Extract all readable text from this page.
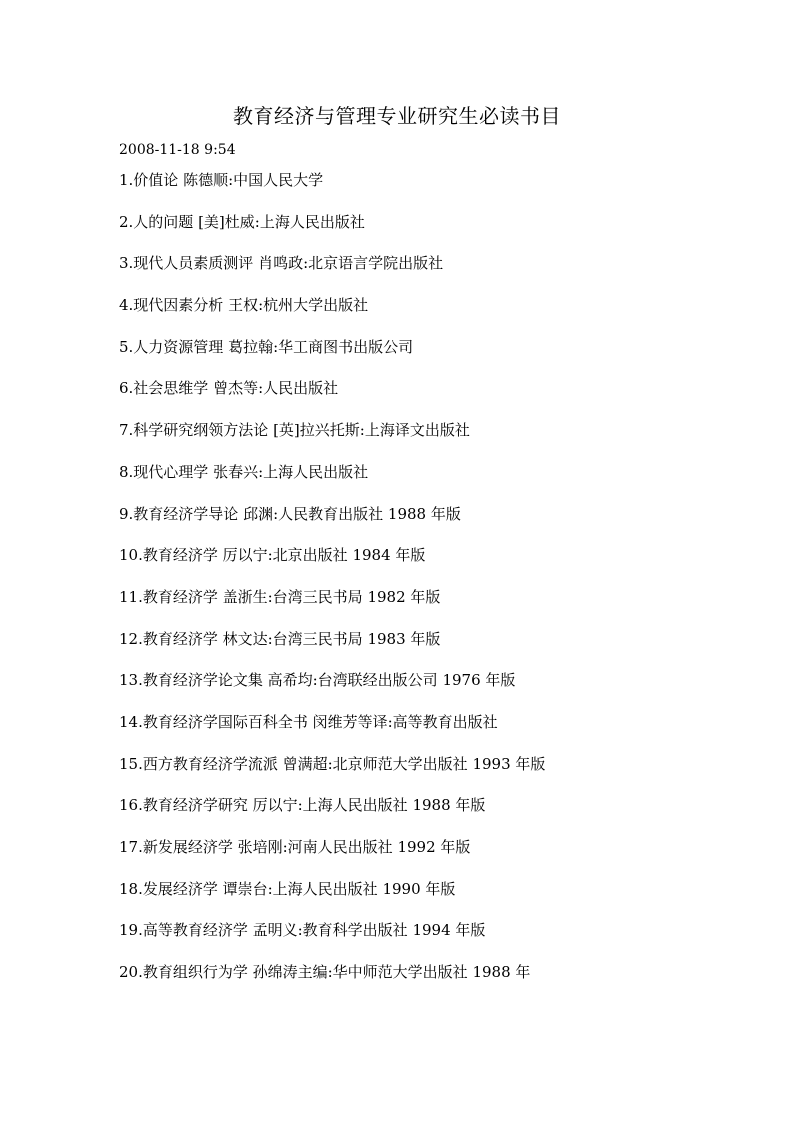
教育经济与管理专业研究生必读书目
2008-11-18 9:54
1.价值论 陈德顺:中国人民大学
2.人的问题 [美]杜威:上海人民出版社
3.现代人员素质测评 肖鸣政:北京语言学院出版社
4.现代因素分析 王权:杭州大学出版社
5.人力资源管理 葛拉翰:华工商图书出版公司
6.社会思维学 曾杰等:人民出版社
7.科学研究纲领方法论 [英]拉兴托斯:上海译文出版社
8.现代心理学 张春兴:上海人民出版社
9.教育经济学导论 邱渊:人民教育出版社 1988 年版
10.教育经济学 厉以宁:北京出版社 1984 年版
11.教育经济学 盖浙生:台湾三民书局 1982 年版
12.教育经济学 林文达:台湾三民书局 1983 年版
13.教育经济学论文集 高希均:台湾联经出版公司 1976 年版
14.教育经济学国际百科全书 闵维芳等译:高等教育出版社
15.西方教育经济学流派 曾满超:北京师范大学出版社 1993 年版
16.教育经济学研究 厉以宁:上海人民出版社 1988 年版
17.新发展经济学 张培刚:河南人民出版社 1992 年版
18.发展经济学 谭崇台:上海人民出版社 1990 年版
19.高等教育经济学 孟明义:教育科学出版社 1994 年版
20.教育组织行为学 孙绵涛主编:华中师范大学出版社 1988 年
